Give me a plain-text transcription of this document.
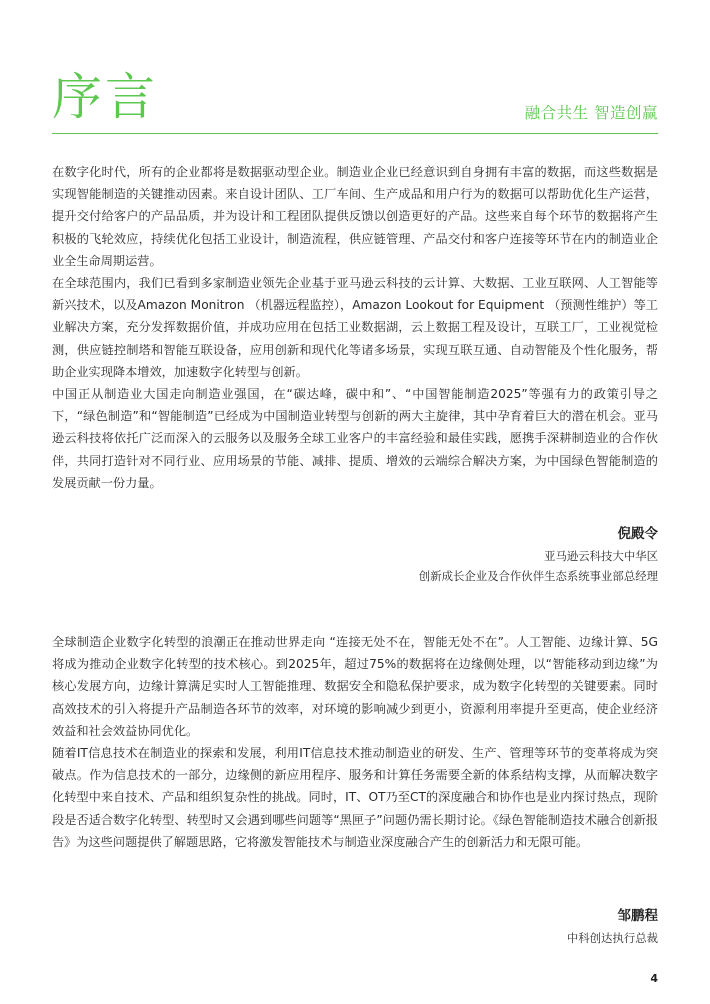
序言	融合共生 智造创赢

在数字化时代，所有的企业都将是数据驱动型企业。制造业企业已经意识到自身拥有丰富的数据，而这些数据是实现智能制造的关键推动因素。来自设计团队、工厂车间、生产成品和用户行为的数据可以帮助优化生产运营，提升交付给客户的产品品质，并为设计和工程团队提供反馈以创造更好的产品。这些来自每个环节的数据将产生积极的飞轮效应，持续优化包括工业设计，制造流程，供应链管理、产品交付和客户连接等环节在内的制造业企业全生命周期运营。

在全球范围内，我们已看到多家制造业领先企业基于亚马逊云科技的云计算、大数据、工业互联网、人工智能等新兴技术，以及Amazon Monitron （机器远程监控），Amazon Lookout for Equipment （预测性维护）等工业解决方案，充分发挥数据价值，并成功应用在包括工业数据湖，云上数据工程及设计，互联工厂，工业视觉检测，供应链控制塔和智能互联设备，应用创新和现代化等诸多场景，实现互联互通、自动智能及个性化服务，帮助企业实现降本增效，加速数字化转型与创新。

中国正从制造业大国走向制造业强国，在“碳达峰，碳中和”、“中国智能制造2025”等强有力的政策引导之下，“绿色制造”和“智能制造”已经成为中国制造业转型与创新的两大主旋律，其中孕育着巨大的潜在机会。亚马逊云科技将依托广泛而深入的云服务以及服务全球工业客户的丰富经验和最佳实践，愿携手深耕制造业的合作伙伴，共同打造针对不同行业、应用场景的节能、减排、提质、增效的云端综合解决方案，为中国绿色智能制造的发展贡献一份力量。

倪殿令

亚马逊云科技大中华区

创新成长企业及合作伙伴生态系统事业部总经理

全球制造企业数字化转型的浪潮正在推动世界走向 “连接无处不在，智能无处不在”。人工智能、边缘计算、5G将成为推动企业数字化转型的技术核心。到2025年，超过75%的数据将在边缘侧处理，以“智能移动到边缘”为核心发展方向，边缘计算满足实时人工智能推理、数据安全和隐私保护要求，成为数字化转型的关键要素。同时高效技术的引入将提升产品制造各环节的效率，对环境的影响减少到更小，资源利用率提升至更高，使企业经济效益和社会效益协同优化。

随着IT信息技术在制造业的探索和发展，利用IT信息技术推动制造业的研发、生产、管理等环节的变革将成为突破点。作为信息技术的一部分，边缘侧的新应用程序、服务和计算任务需要全新的体系结构支撑，从而解决数字化转型中来自技术、产品和组织复杂性的挑战。同时，IT、OT乃至CT的深度融合和协作也是业内探讨热点，现阶段是否适合数字化转型、转型时又会遇到哪些问题等“黑匣子”问题仍需长期讨论。《绿色智能制造技术融合创新报告》为这些问题提供了解题思路，它将激发智能技术与制造业深度融合产生的创新活力和无限可能。

邹鹏程

中科创达执行总裁

4
